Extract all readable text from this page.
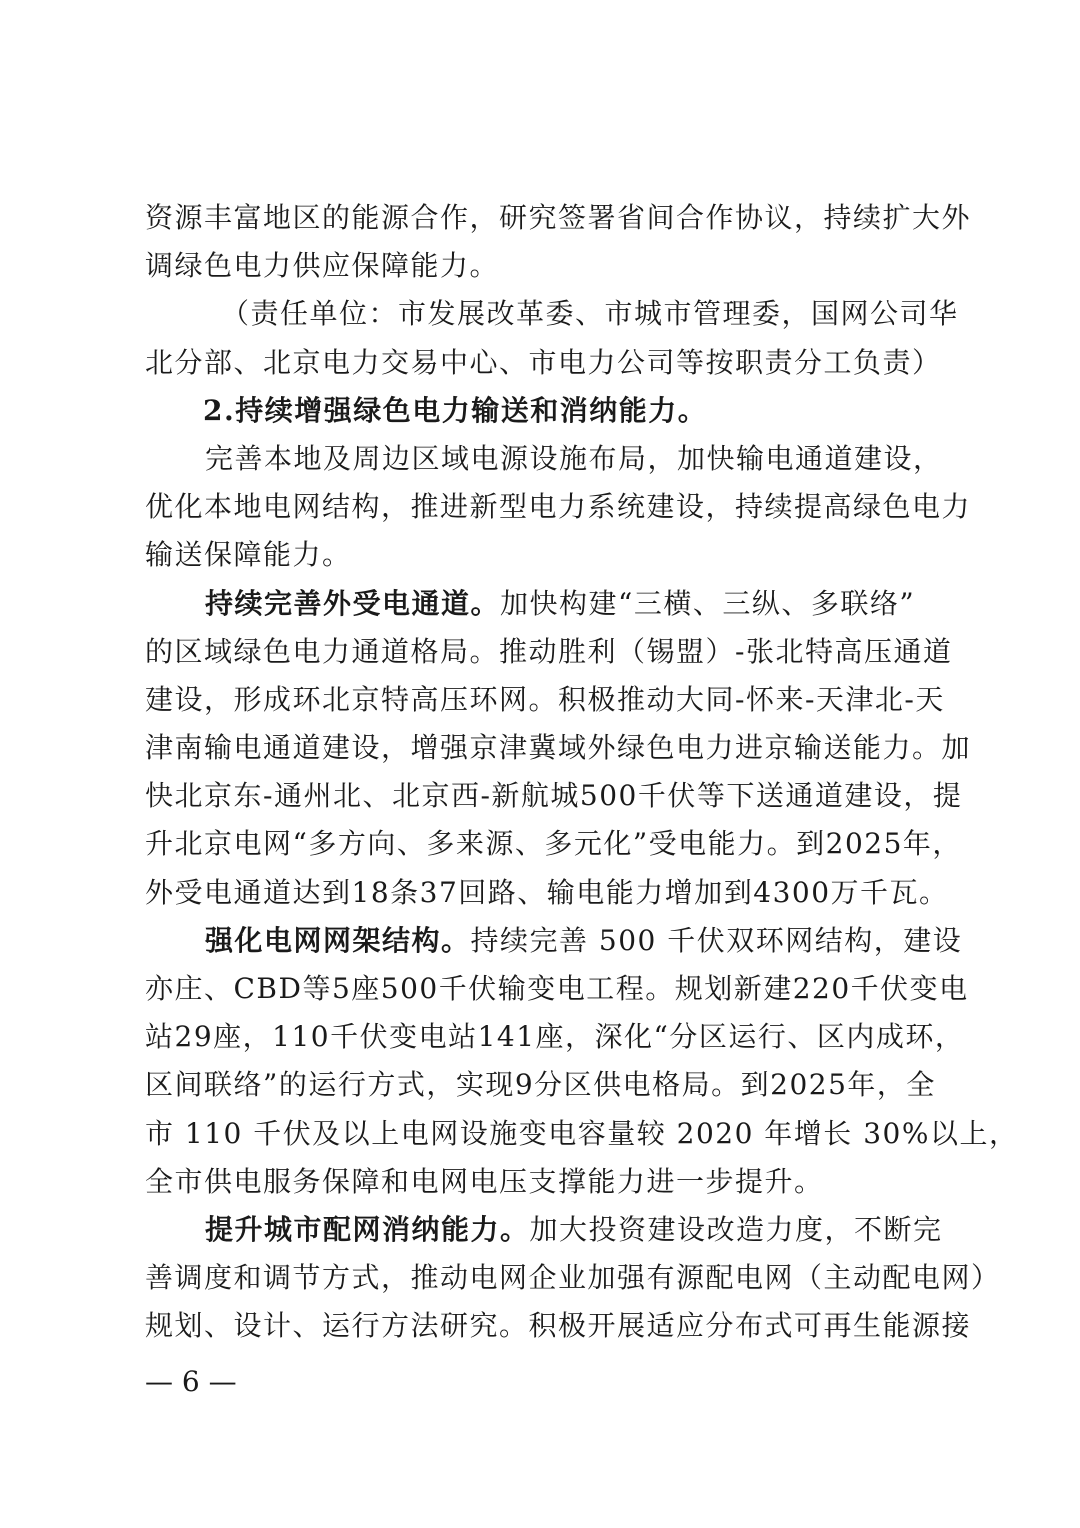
资源丰富地区的能源合作，研究签署省间合作协议，持续扩大外
调绿色电力供应保障能力。
（责任单位：市发展改革委、市城市管理委，国网公司华
北分部、北京电力交易中心、市电力公司等按职责分工负责）
2.持续增强绿色电力输送和消纳能力。
完善本地及周边区域电源设施布局，加快输电通道建设，
优化本地电网结构，推进新型电力系统建设，持续提高绿色电力
输送保障能力。
持续完善外受电通道。加快构建“三横、三纵、多联络”
的区域绿色电力通道格局。推动胜利（锡盟）-张北特高压通道
建设，形成环北京特高压环网。积极推动大同-怀来-天津北-天
津南输电通道建设，增强京津冀域外绿色电力进京输送能力。加
快北京东-通州北、北京西-新航城500千伏等下送通道建设，提
升北京电网“多方向、多来源、多元化”受电能力。到2025年，
外受电通道达到18条37回路、输电能力增加到4300万千瓦。
强化电网网架结构。持续完善 500 千伏双环网结构，建设
亦庄、CBD等5座500千伏输变电工程。规划新建220千伏变电
站29座，110千伏变电站141座，深化“分区运行、区内成环，
区间联络”的运行方式，实现9分区供电格局。到2025年，全
市 110 千伏及以上电网设施变电容量较 2020 年增长 30%以上，
全市供电服务保障和电网电压支撑能力进一步提升。
提升城市配网消纳能力。加大投资建设改造力度，不断完
善调度和调节方式，推动电网企业加强有源配电网（主动配电网）
规划、设计、运行方法研究。积极开展适应分布式可再生能源接
— 6 —
